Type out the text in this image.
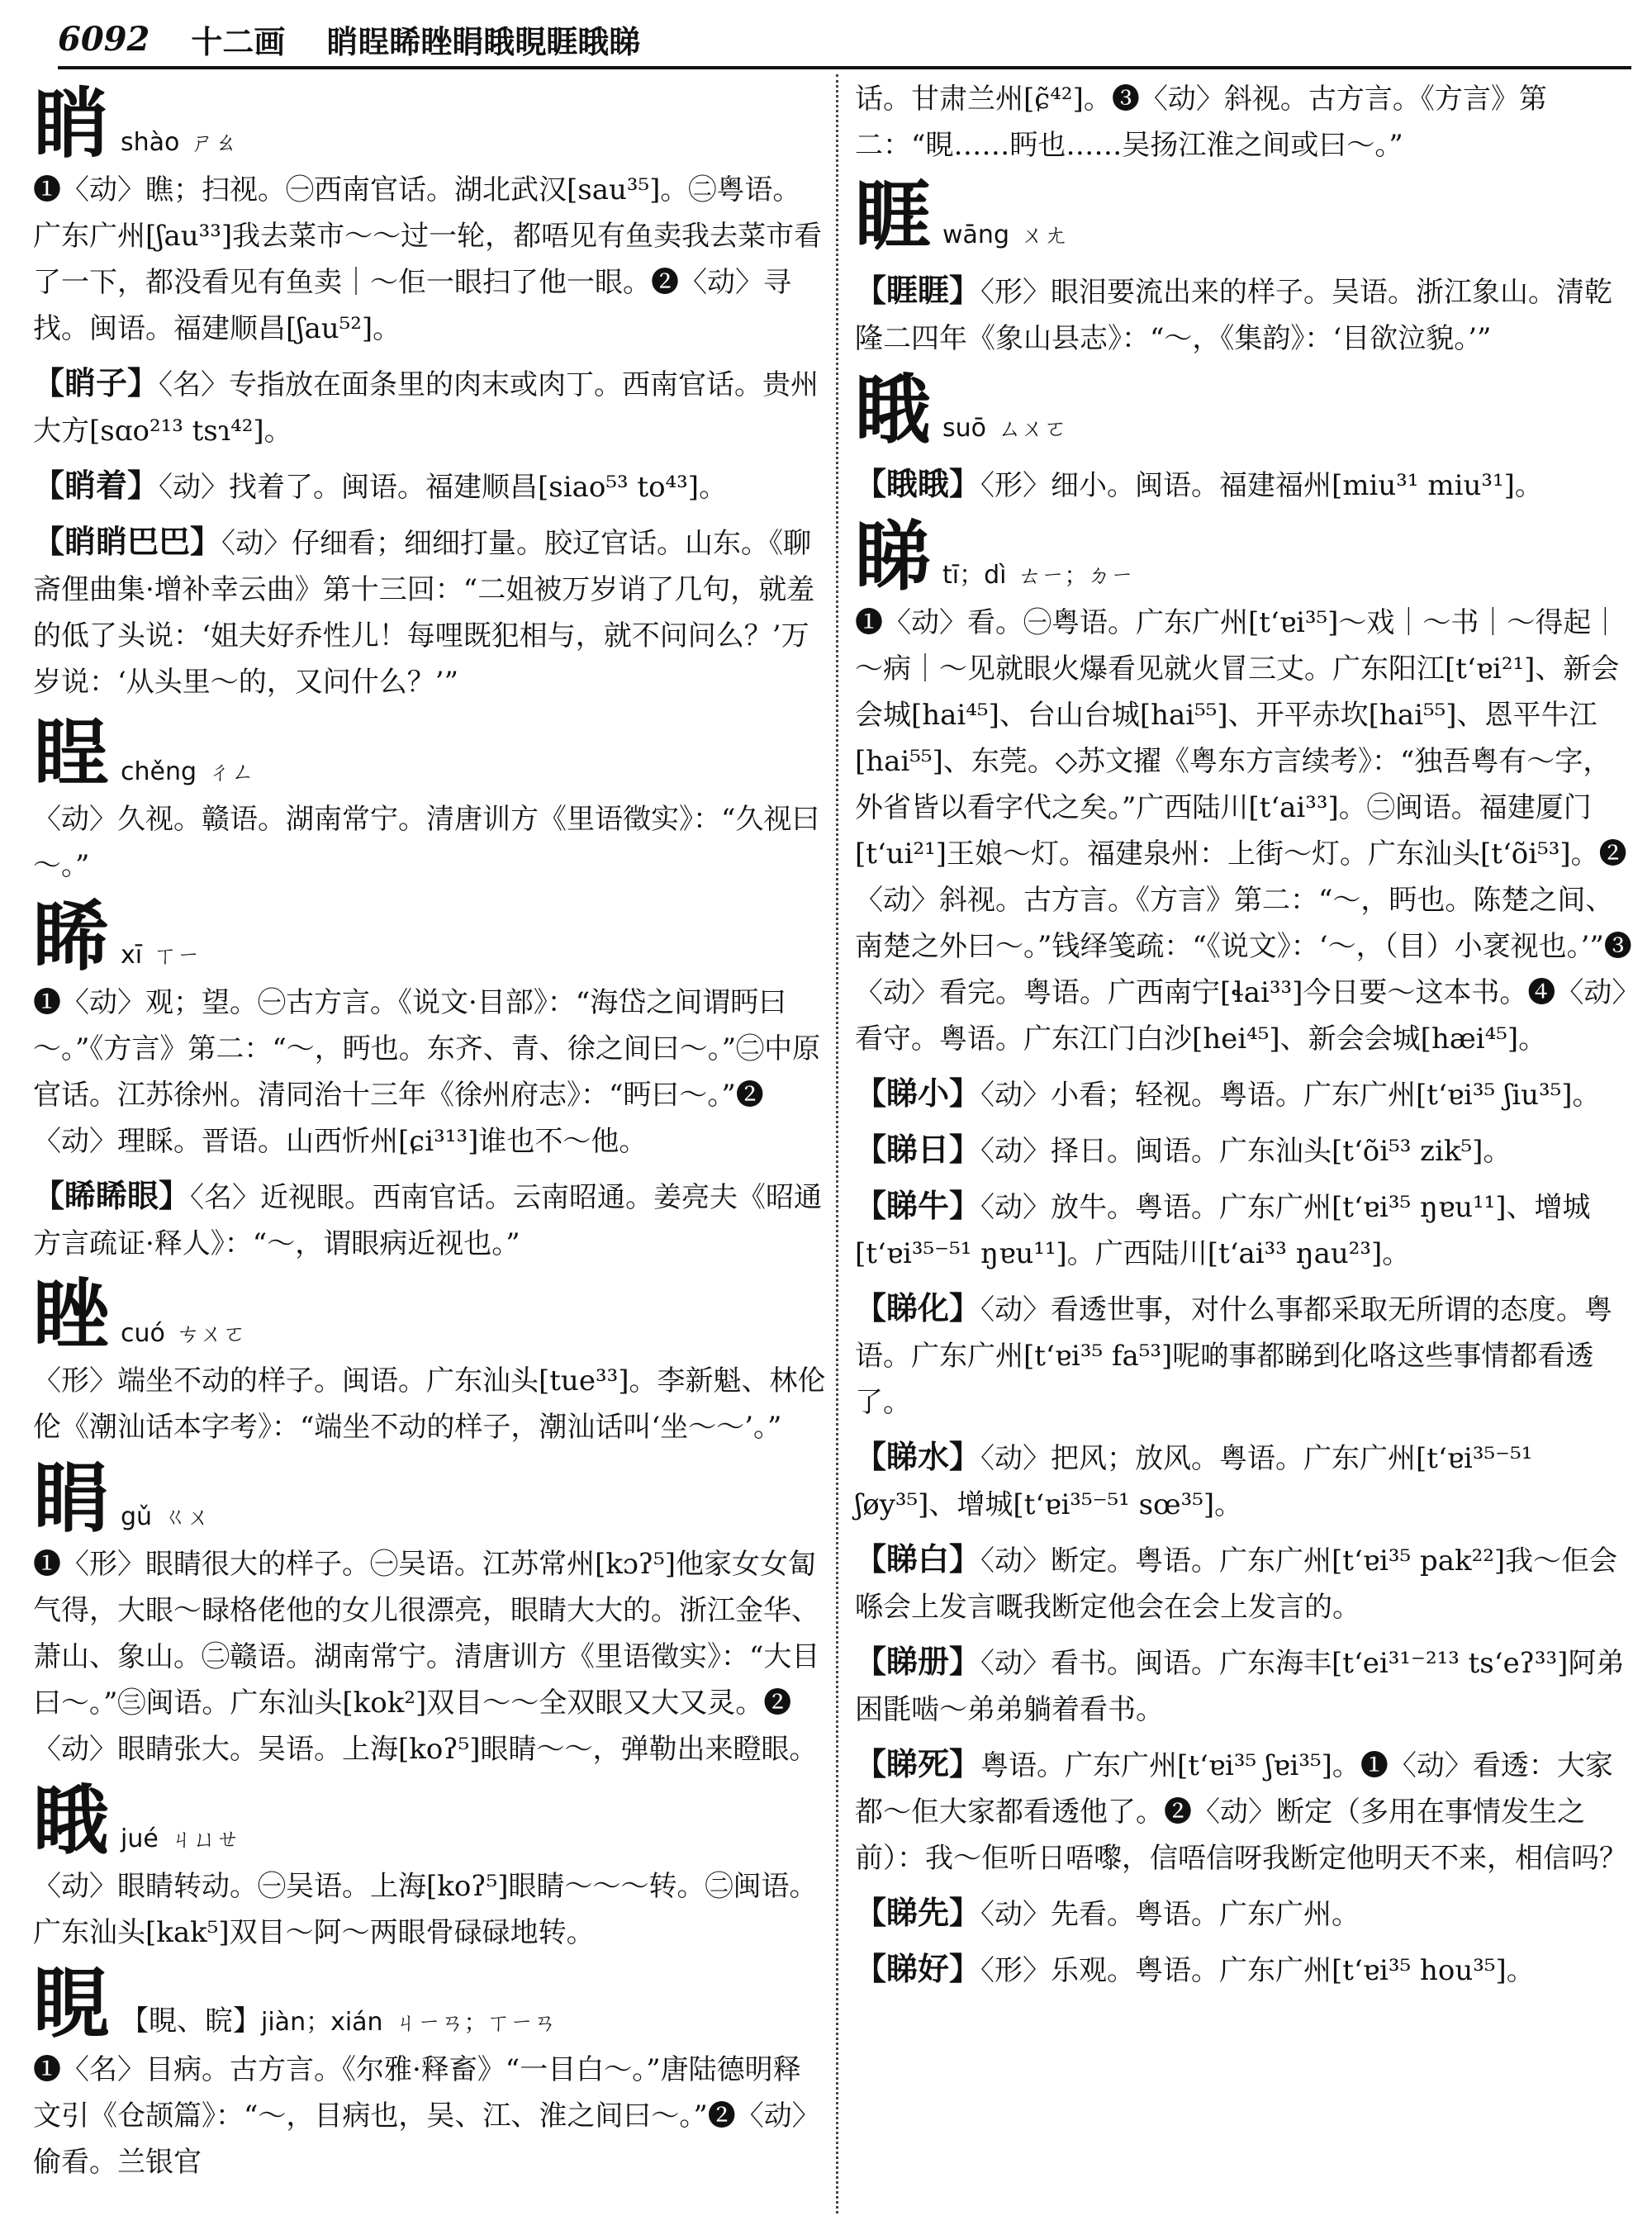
6092 十二画 睄睈睎睉睊睋睍睚睋睇
睄 shào ㄕㄠ
❶〈动〉瞧；扫视。㊀西南官话。湖北武汉[sau³⁵]。㊁粤语。广东广州[ʃau³³]我去菜市～～过一轮，都唔见有鱼卖我去菜市看了一下，都没看见有鱼卖｜～佢一眼扫了他一眼。❷〈动〉寻找。闽语。福建顺昌[ʃau⁵²]。
【睄子】〈名〉专指放在面条里的肉末或肉丁。西南官话。贵州大方[sɑo²¹³ tsɿ⁴²]。
【睄着】〈动〉找着了。闽语。福建顺昌[siao⁵³ to⁴³]。
【睄睄巴巴】〈动〉仔细看；细细打量。胶辽官话。山东。《聊斋俚曲集·增补幸云曲》第十三回：“二姐被万岁诮了几句，就羞的低了头说：‘姐夫好乔性儿！每哩既犯相与，就不问问么？’万岁说：‘从头里～的，又问什么？’”
睈 chěng ㄔㄥ
〈动〉久视。赣语。湖南常宁。清唐训方《里语徵实》：“久视曰～。”
睎 xī ㄒㄧ
❶〈动〉观；望。㊀古方言。《说文·目部》：“海岱之间谓眄曰～。”《方言》第二：“～，眄也。东齐、青、徐之间曰～。”㊁中原官话。江苏徐州。清同治十三年《徐州府志》：“眄曰～。”❷〈动〉理睬。晋语。山西忻州[ɕi³¹³]谁也不～他。
【睎睎眼】〈名〉近视眼。西南官话。云南昭通。姜亮夫《昭通方言疏证·释人》：“～，谓眼病近视也。”
睉 cuó ㄘㄨㄛ
〈形〉端坐不动的样子。闽语。广东汕头[tue³³]。李新魁、林伦伦《潮汕话本字考》：“端坐不动的样子，潮汕话叫‘坐～～’。”
睊 gǔ ㄍㄨ
❶〈形〉眼睛很大的样子。㊀吴语。江苏常州[kɔʔ⁵]他家女女匐气得，大眼～睩格佬他的女儿很漂亮，眼睛大大的。浙江金华、萧山、象山。㊁赣语。湖南常宁。清唐训方《里语徵实》：“大目曰～。”㊂闽语。广东汕头[kok²]双目～～全双眼又大又灵。❷〈动〉眼睛张大。吴语。上海[koʔ⁵]眼睛～～，弹勒出来瞪眼。
睋 jué ㄐㄩㄝ
〈动〉眼睛转动。㊀吴语。上海[koʔ⁵]眼睛～～～转。㊁闽语。广东汕头[kak⁵]双目～阿～两眼骨碌碌地转。
睍 【睍、睆】 jiàn；xián ㄐㄧㄢ；ㄒㄧㄢ
❶〈名〉目病。古方言。《尔雅·释畜》“一目白～。”唐陆德明释文引《仓颉篇》：“～，目病也，吴、江、淮之间曰～。”❷〈动〉偷看。兰银官
话。甘肃兰州[ɕ̃⁴²]。❸〈动〉斜视。古方言。《方言》第二：“睍……眄也……吴扬江淮之间或曰～。”
睚 wāng ㄨㄤ
【睚睚】〈形〉眼泪要流出来的样子。吴语。浙江象山。清乾隆二四年《象山县志》：“～，《集韵》：‘目欲泣貌。’”
睋 suō ㄙㄨㄛ
【睋睋】〈形〉细小。闽语。福建福州[miu³¹ miu³¹]。
睇 tī；dì ㄊㄧ；ㄉㄧ
❶〈动〉看。㊀粤语。广东广州[tʻɐi³⁵]～戏｜～书｜～得起｜～病｜～见就眼火爆看见就火冒三丈。广东阳江[tʻɐi²¹]、新会会城[hai⁴⁵]、台山台城[hai⁵⁵]、开平赤坎[hai⁵⁵]、恩平牛江[hai⁵⁵]、东莞。◇苏文擢《粤东方言续考》：“独吾粤有～字，外省皆以看字代之矣。”广西陆川[tʻai³³]。㊁闽语。福建厦门[tʻui²¹]王娘～灯。福建泉州：上街～灯。广东汕头[tʻõi⁵³]。❷〈动〉斜视。古方言。《方言》第二：“～，眄也。陈楚之间、南楚之外曰～。”钱绎笺疏：“《说文》：‘～，（目）小衺视也。’”❸〈动〉看完。粤语。广西南宁[ɬai³³]今日要～这本书。❹〈动〉看守。粤语。广东江门白沙[hei⁴⁵]、新会会城[hæi⁴⁵]。
【睇小】〈动〉小看；轻视。粤语。广东广州[tʻɐi³⁵ ʃiu³⁵]。
【睇日】〈动〉择日。闽语。广东汕头[tʻõi⁵³ zik⁵]。
【睇牛】〈动〉放牛。粤语。广东广州[tʻɐi³⁵ ŋɐu¹¹]、增城[tʻɐi³⁵⁻⁵¹ ŋɐu¹¹]。广西陆川[tʻai³³ ŋau²³]。
【睇化】〈动〉看透世事，对什么事都采取无所谓的态度。粤语。广东广州[tʻɐi³⁵ fa⁵³]呢啲事都睇到化咯这些事情都看透了。
【睇水】〈动〉把风；放风。粤语。广东广州[tʻɐi³⁵⁻⁵¹ ʃøy³⁵]、增城[tʻɐi³⁵⁻⁵¹ sœ³⁵]。
【睇白】〈动〉断定。粤语。广东广州[tʻɐi³⁵ pak²²]我～佢会喺会上发言嘅我断定他会在会上发言的。
【睇册】〈动〉看书。闽语。广东海丰[tʻei³¹⁻²¹³ tsʻeʔ³³]阿弟困毷啮～弟弟躺着看书。
【睇死】粤语。广东广州[tʻɐi³⁵ ʃɐi³⁵]。❶〈动〉看透：大家都～佢大家都看透他了。❷〈动〉断定（多用在事情发生之前）：我～佢听日唔嚟，信唔信呀我断定他明天不来，相信吗？
【睇先】〈动〉先看。粤语。广东广州。
【睇好】〈形〉乐观。粤语。广东广州[tʻɐi³⁵ hou³⁵]。
